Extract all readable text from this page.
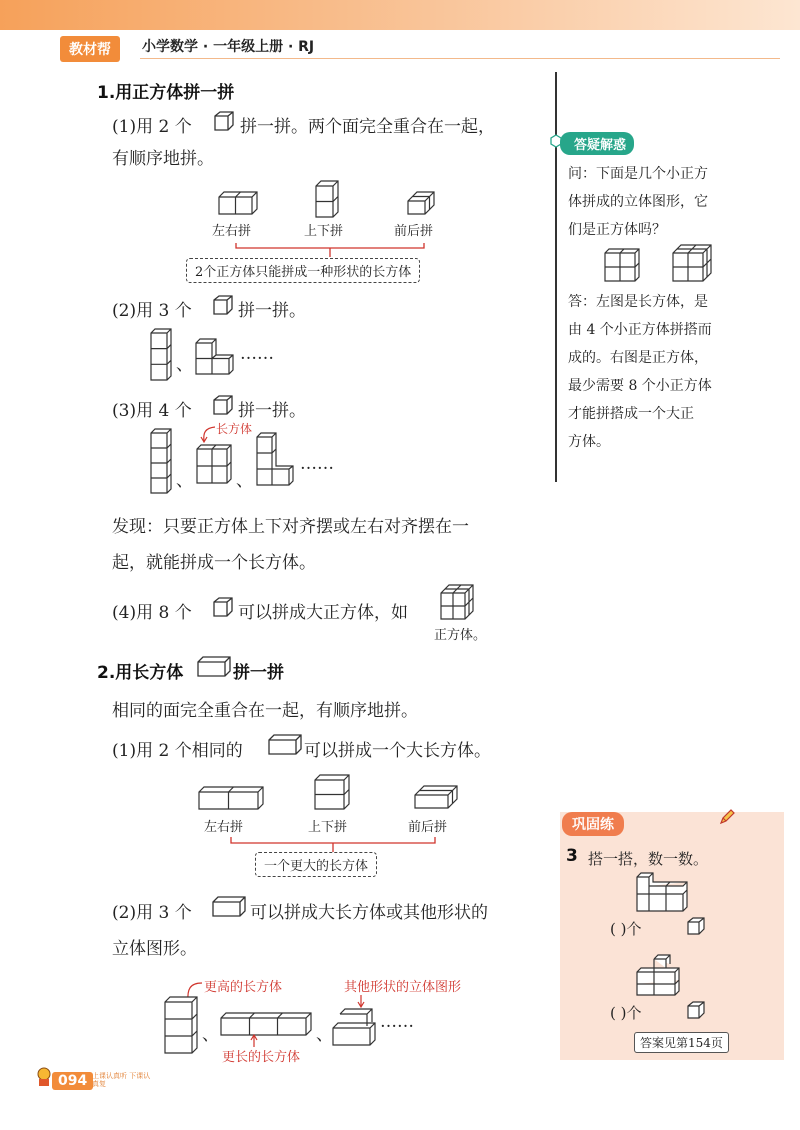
教材帮	小学数学 · 一年级上册 · RJ
1.用正方体拼一拼
(1)用 2 个	拼一拼。两个面完全重合在一起，
有顺序地拼。
左右拼	上下拼	前后拼
2个正方体只能拼成一种形状的长方体
(2)用 3 个	拼一拼。
、
……
(3)用 4 个	拼一拼。
长方体
、	、
……
发现：只要正方体上下对齐摆或左右对齐摆在一
起，就能拼成一个长方体。
(4)用 8 个	可以拼成大正方体，如
正方体。
2.用长方体	拼一拼
相同的面完全重合在一起，有顺序地拼。
(1)用 2 个相同的	可以拼成一个大长方体。
左右拼	上下拼	前后拼
一个更大的长方体
(2)用 3 个	可以拼成大长方体或其他形状的
立体图形。
更高的长方体	其他形状的立体图形
、	、
……
更长的长方体
答疑解惑
问：下面是几个小正方
体拼成的立体图形，它
们是正方体吗？
答：左图是长方体，是
由 4 个小正方体拼搭而
成的。右图是正方体，
最少需要 8 个小正方体
才能拼搭成一个大正
方体。
巩固练
3 搭一搭，数一数。
( )个
( )个
答案见第154页
094 上课认真听 下课认真复
